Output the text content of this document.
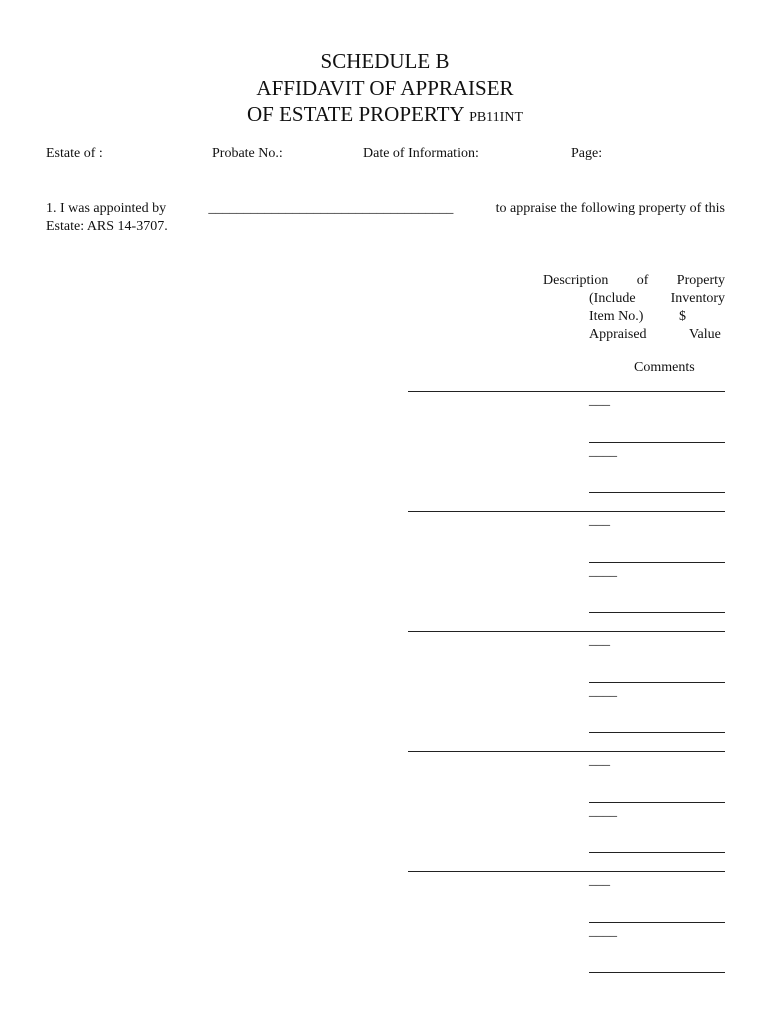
SCHEDULE B
AFFIDAVIT OF APPRAISER
OF ESTATE PROPERTY PB11INT
Estate of :	Probate No.:	Date of Information:	Page:
1. I was appointed by	___________________________________	to appraise the following property of this
Estate: ARS 14-3707.
Description of Property
(Include Inventory
Item No.)	$
Appraised	Value
Comments
___
____
___
____
___
____
___
____
___
____
